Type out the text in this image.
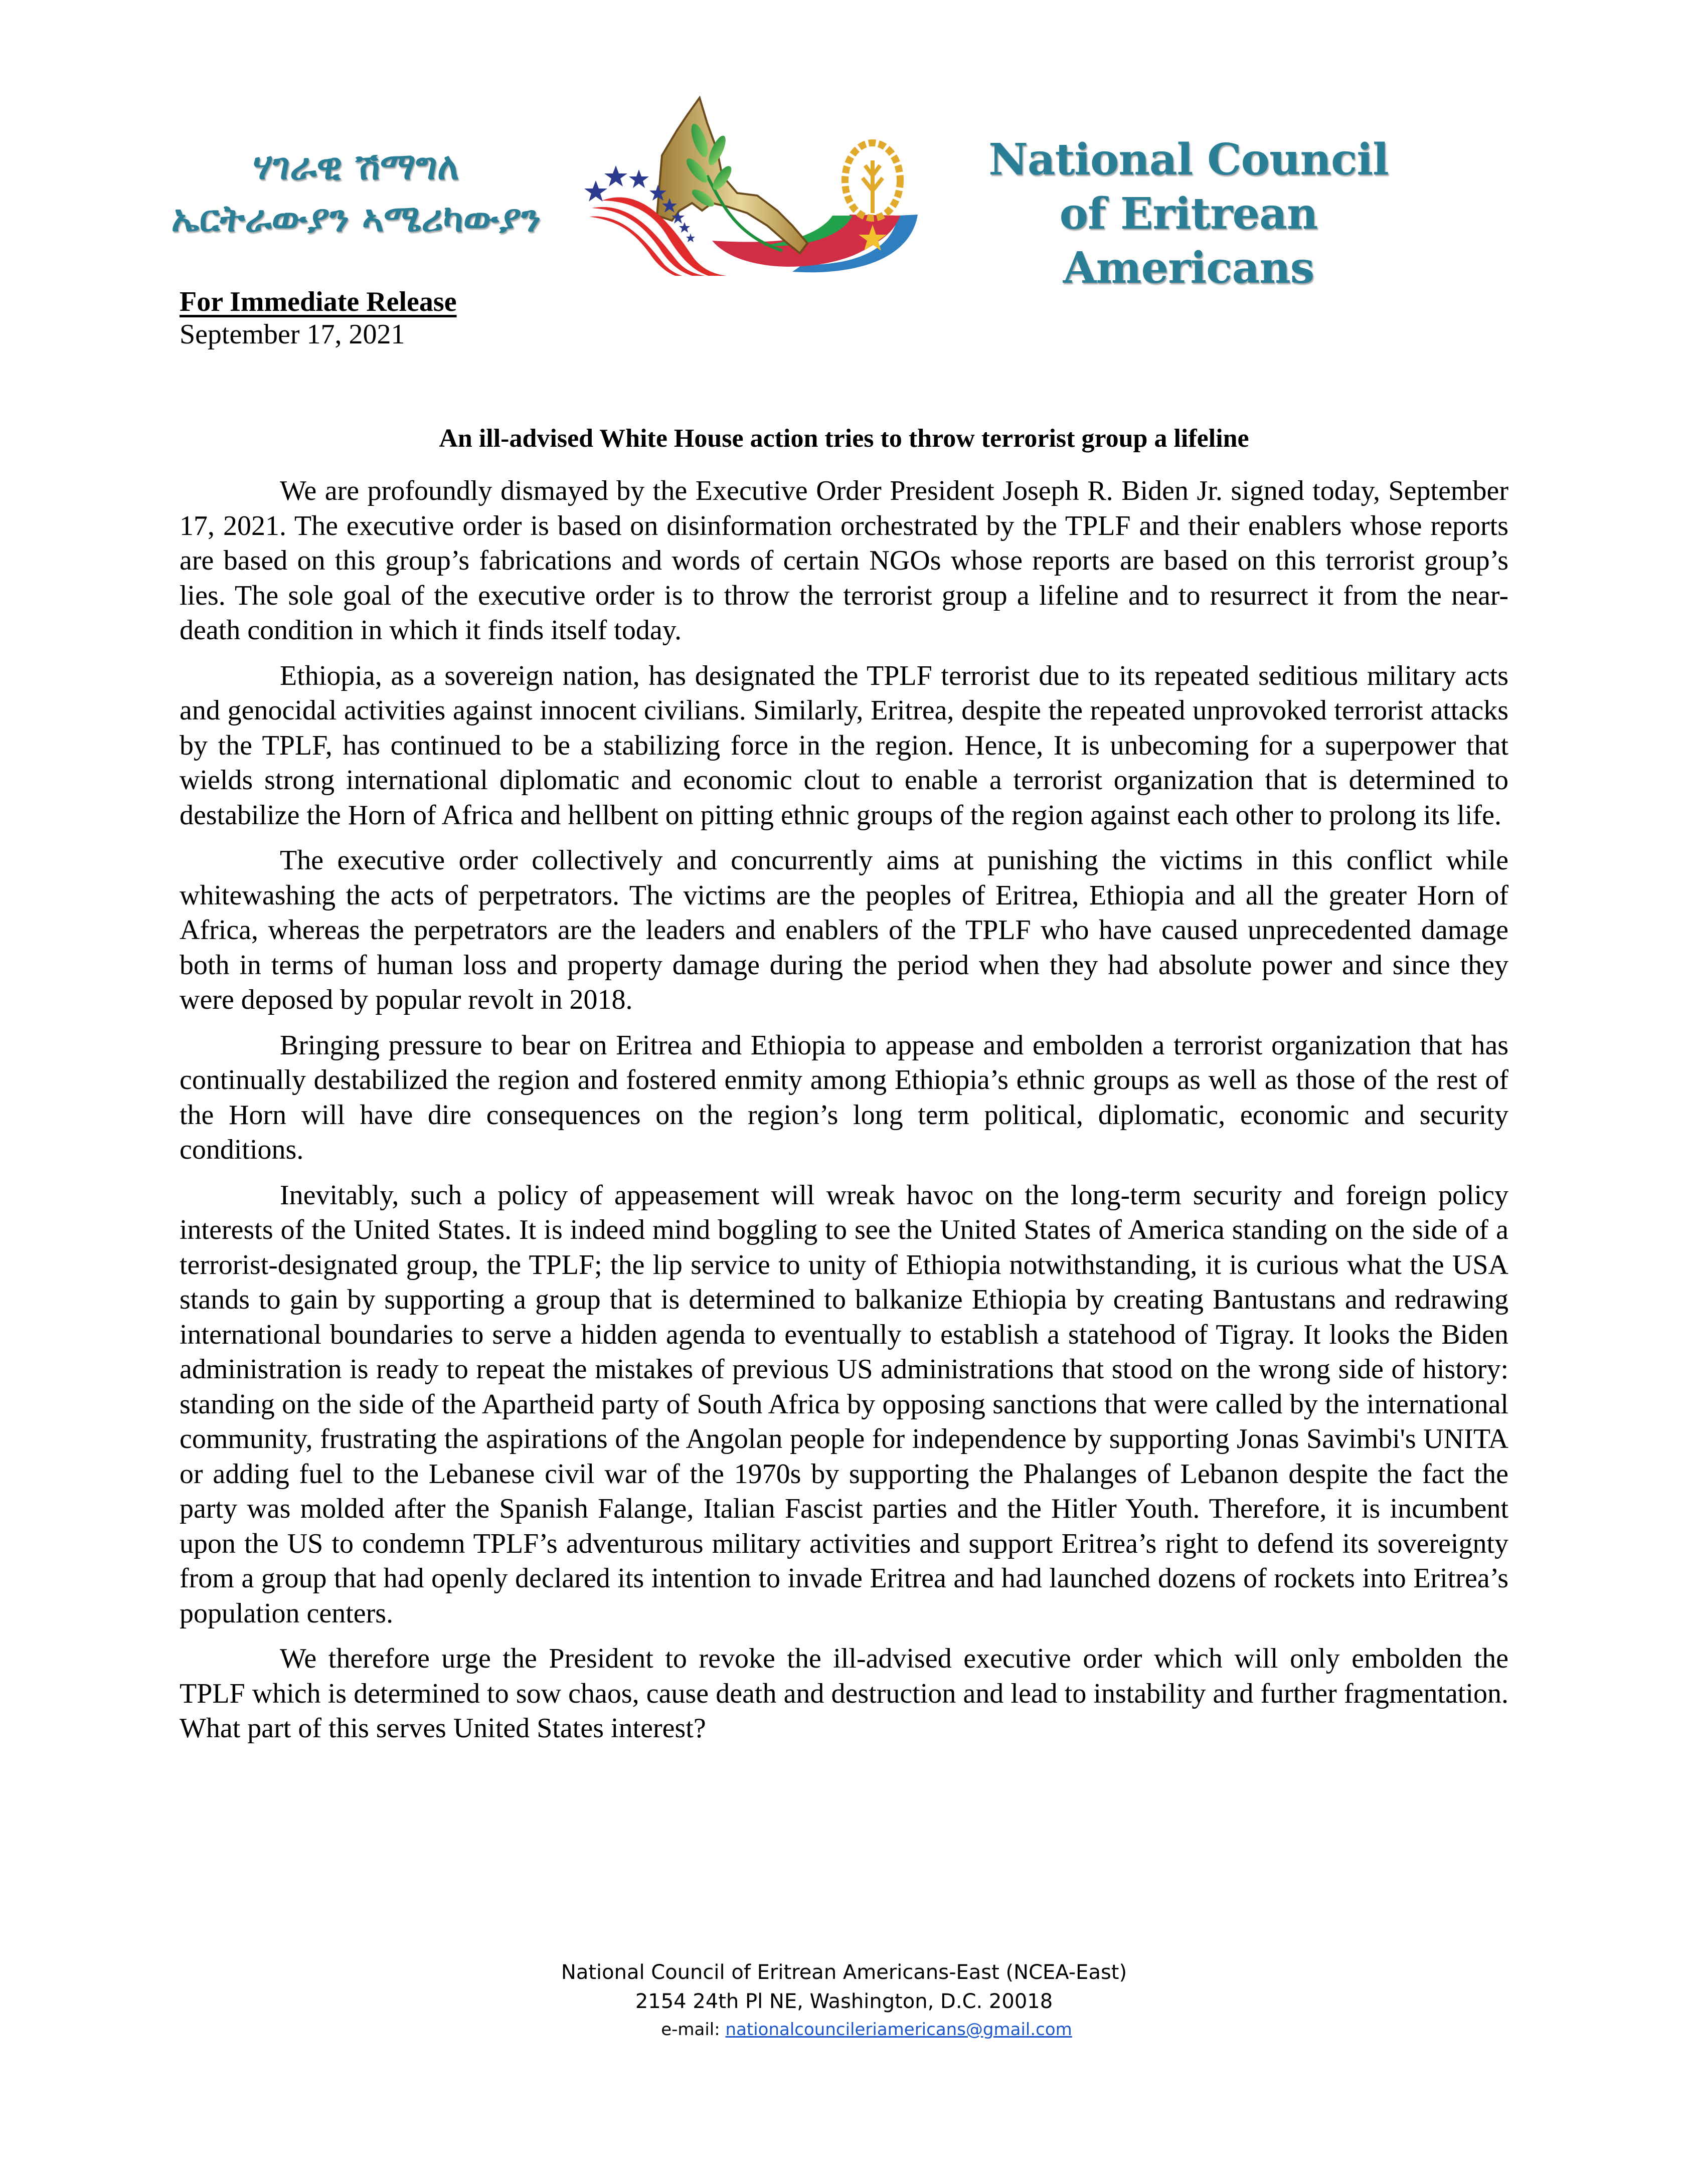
ሃገራዊ ሽማግለ
ኤርትራውያን ኣሜሪካውያን
National Council
of Eritrean Americans
For Immediate Release
September 17, 2021
An ill-advised White House action tries to throw terrorist group a lifeline

We are profoundly dismayed by the Executive Order President Joseph R. Biden Jr. signed today, September 17, 2021. The executive order is based on disinformation orchestrated by the TPLF and their enablers whose reports are based on this group’s fabrications and words of certain NGOs whose reports are based on this terrorist group’s lies. The sole goal of the executive order is to throw the terrorist group a lifeline and to resurrect it from the near-death condition in which it finds itself today.

Ethiopia, as a sovereign nation, has designated the TPLF terrorist due to its repeated seditious military acts and genocidal activities against innocent civilians. Similarly, Eritrea, despite the repeated unprovoked terrorist attacks by the TPLF, has continued to be a stabilizing force in the region. Hence, It is unbecoming for a superpower that wields strong international diplomatic and economic clout to enable a terrorist organization that is determined to destabilize the Horn of Africa and hellbent on pitting ethnic groups of the region against each other to prolong its life.

The executive order collectively and concurrently aims at punishing the victims in this conflict while whitewashing the acts of perpetrators. The victims are the peoples of Eritrea, Ethiopia and all the greater Horn of Africa, whereas the perpetrators are the leaders and enablers of the TPLF who have caused unprecedented damage both in terms of human loss and property damage during the period when they had absolute power and since they were deposed by popular revolt in 2018.

Bringing pressure to bear on Eritrea and Ethiopia to appease and embolden a terrorist organization that has continually destabilized the region and fostered enmity among Ethiopia’s ethnic groups as well as those of the rest of the Horn will have dire consequences on the region’s long term political, diplomatic, economic and security conditions.

Inevitably, such a policy of appeasement will wreak havoc on the long-term security and foreign policy interests of the United States. It is indeed mind boggling to see the United States of America standing on the side of a terrorist-designated group, the TPLF; the lip service to unity of Ethiopia notwithstanding, it is curious what the USA stands to gain by supporting a group that is determined to balkanize Ethiopia by creating Bantustans and redrawing international boundaries to serve a hidden agenda to eventually to establish a statehood of Tigray. It looks the Biden administration is ready to repeat the mistakes of previous US administrations that stood on the wrong side of history: standing on the side of the Apartheid party of South Africa by opposing sanctions that were called by the international community, frustrating the aspirations of the Angolan people for independence by supporting Jonas Savimbi's UNITA or adding fuel to the Lebanese civil war of the 1970s by supporting the Phalanges of Lebanon despite the fact the party was molded after the Spanish Falange, Italian Fascist parties and the Hitler Youth. Therefore, it is incumbent upon the US to condemn TPLF’s adventurous military activities and support Eritrea’s right to defend its sovereignty from a group that had openly declared its intention to invade Eritrea and had launched dozens of rockets into Eritrea’s population centers.

We therefore urge the President to revoke the ill-advised executive order which will only embolden the TPLF which is determined to sow chaos, cause death and destruction and lead to instability and further fragmentation. What part of this serves United States interest?

National Council of Eritrean Americans-East (NCEA-East)
2154 24th Pl NE, Washington, D.C. 20018
e-mail: nationalcouncileriamericans@gmail.com
